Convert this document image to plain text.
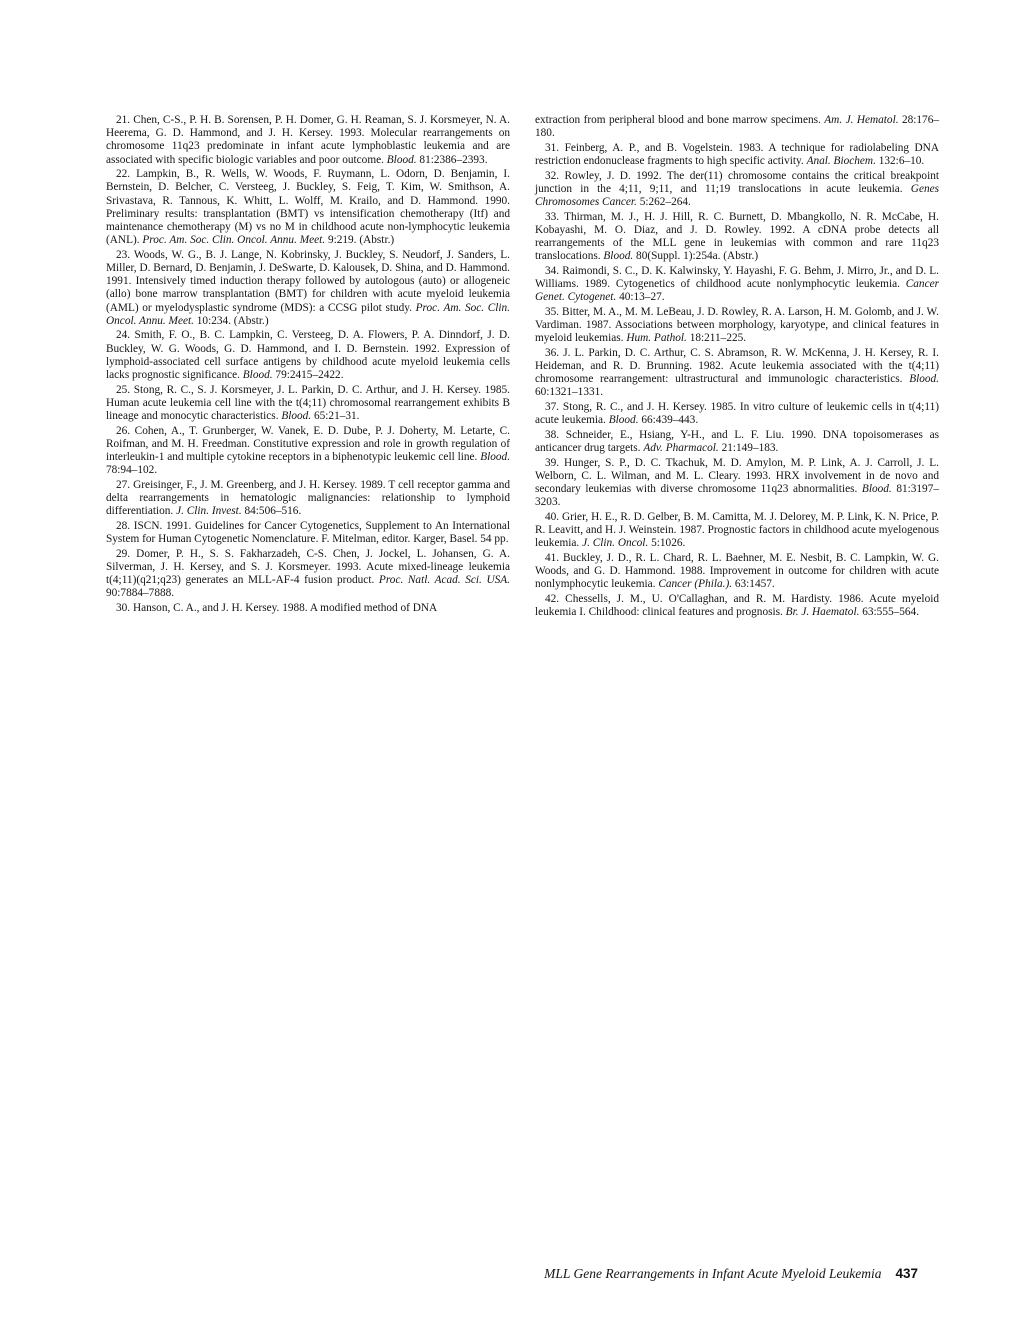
21. Chen, C-S., P. H. B. Sorensen, P. H. Domer, G. H. Reaman, S. J. Korsmeyer, N. A. Heerema, G. D. Hammond, and J. H. Kersey. 1993. Molecular rearrangements on chromosome 11q23 predominate in infant acute lymphoblastic leukemia and are associated with specific biologic variables and poor outcome. Blood. 81:2386–2393.

22. Lampkin, B., R. Wells, W. Woods, F. Ruymann, L. Odorn, D. Benjamin, I. Bernstein, D. Belcher, C. Versteeg, J. Buckley, S. Feig, T. Kim, W. Smithson, A. Srivastava, R. Tannous, K. Whitt, L. Wolff, M. Krailo, and D. Hammond. 1990. Preliminary results: transplantation (BMT) vs intensification chemotherapy (Itf) and maintenance chemotherapy (M) vs no M in childhood acute non-lymphocytic leukemia (ANL). Proc. Am. Soc. Clin. Oncol. Annu. Meet. 9:219. (Abstr.)

23. Woods, W. G., B. J. Lange, N. Kobrinsky, J. Buckley, S. Neudorf, J. Sanders, L. Miller, D. Bernard, D. Benjamin, J. DeSwarte, D. Kalousek, D. Shina, and D. Hammond. 1991. Intensively timed induction therapy followed by autologous (auto) or allogeneic (allo) bone marrow transplantation (BMT) for children with acute myeloid leukemia (AML) or myelodysplastic syndrome (MDS): a CCSG pilot study. Proc. Am. Soc. Clin. Oncol. Annu. Meet. 10:234. (Abstr.)

24. Smith, F. O., B. C. Lampkin, C. Versteeg, D. A. Flowers, P. A. Dinndorf, J. D. Buckley, W. G. Woods, G. D. Hammond, and I. D. Bernstein. 1992. Expression of lymphoid-associated cell surface antigens by childhood acute myeloid leukemia cells lacks prognostic significance. Blood. 79:2415–2422.

25. Stong, R. C., S. J. Korsmeyer, J. L. Parkin, D. C. Arthur, and J. H. Kersey. 1985. Human acute leukemia cell line with the t(4;11) chromosomal rearrangement exhibits B lineage and monocytic characteristics. Blood. 65:21–31.

26. Cohen, A., T. Grunberger, W. Vanek, E. D. Dube, P. J. Doherty, M. Letarte, C. Roifman, and M. H. Freedman. Constitutive expression and role in growth regulation of interleukin-1 and multiple cytokine receptors in a biphenotypic leukemic cell line. Blood. 78:94–102.

27. Greisinger, F., J. M. Greenberg, and J. H. Kersey. 1989. T cell receptor gamma and delta rearrangements in hematologic malignancies: relationship to lymphoid differentiation. J. Clin. Invest. 84:506–516.

28. ISCN. 1991. Guidelines for Cancer Cytogenetics, Supplement to An International System for Human Cytogenetic Nomenclature. F. Mitelman, editor. Karger, Basel. 54 pp.

29. Domer, P. H., S. S. Fakharzadeh, C-S. Chen, J. Jockel, L. Johansen, G. A. Silverman, J. H. Kersey, and S. J. Korsmeyer. 1993. Acute mixed-lineage leukemia t(4;11)(q21;q23) generates an MLL-AF-4 fusion product. Proc. Natl. Acad. Sci. USA. 90:7884–7888.

30. Hanson, C. A., and J. H. Kersey. 1988. A modified method of DNA

extraction from peripheral blood and bone marrow specimens. Am. J. Hematol. 28:176–180.

31. Feinberg, A. P., and B. Vogelstein. 1983. A technique for radiolabeling DNA restriction endonuclease fragments to high specific activity. Anal. Biochem. 132:6–10.

32. Rowley, J. D. 1992. The der(11) chromosome contains the critical breakpoint junction in the 4;11, 9;11, and 11;19 translocations in acute leukemia. Genes Chromosomes Cancer. 5:262–264.

33. Thirman, M. J., H. J. Hill, R. C. Burnett, D. Mbangkollo, N. R. McCabe, H. Kobayashi, M. O. Diaz, and J. D. Rowley. 1992. A cDNA probe detects all rearrangements of the MLL gene in leukemias with common and rare 11q23 translocations. Blood. 80(Suppl. 1):254a. (Abstr.)

34. Raimondi, S. C., D. K. Kalwinsky, Y. Hayashi, F. G. Behm, J. Mirro, Jr., and D. L. Williams. 1989. Cytogenetics of childhood acute nonlymphocytic leukemia. Cancer Genet. Cytogenet. 40:13–27.

35. Bitter, M. A., M. M. LeBeau, J. D. Rowley, R. A. Larson, H. M. Golomb, and J. W. Vardiman. 1987. Associations between morphology, karyotype, and clinical features in myeloid leukemias. Hum. Pathol. 18:211–225.

36. J. L. Parkin, D. C. Arthur, C. S. Abramson, R. W. McKenna, J. H. Kersey, R. I. Heideman, and R. D. Brunning. 1982. Acute leukemia associated with the t(4;11) chromosome rearrangement: ultrastructural and immunologic characteristics. Blood. 60:1321–1331.

37. Stong, R. C., and J. H. Kersey. 1985. In vitro culture of leukemic cells in t(4;11) acute leukemia. Blood. 66:439–443.

38. Schneider, E., Hsiang, Y-H., and L. F. Liu. 1990. DNA topoisomerases as anticancer drug targets. Adv. Pharmacol. 21:149–183.

39. Hunger, S. P., D. C. Tkachuk, M. D. Amylon, M. P. Link, A. J. Carroll, J. L. Welborn, C. L. Wilman, and M. L. Cleary. 1993. HRX involvement in de novo and secondary leukemias with diverse chromosome 11q23 abnormalities. Blood. 81:3197–3203.

40. Grier, H. E., R. D. Gelber, B. M. Camitta, M. J. Delorey, M. P. Link, K. N. Price, P. R. Leavitt, and H. J. Weinstein. 1987. Prognostic factors in childhood acute myelogenous leukemia. J. Clin. Oncol. 5:1026.

41. Buckley, J. D., R. L. Chard, R. L. Baehner, M. E. Nesbit, B. C. Lampkin, W. G. Woods, and G. D. Hammond. 1988. Improvement in outcome for children with acute nonlymphocytic leukemia. Cancer (Phila.). 63:1457.

42. Chessells, J. M., U. O'Callaghan, and R. M. Hardisty. 1986. Acute myeloid leukemia I. Childhood: clinical features and prognosis. Br. J. Haematol. 63:555–564.

MLL Gene Rearrangements in Infant Acute Myeloid Leukemia 437
